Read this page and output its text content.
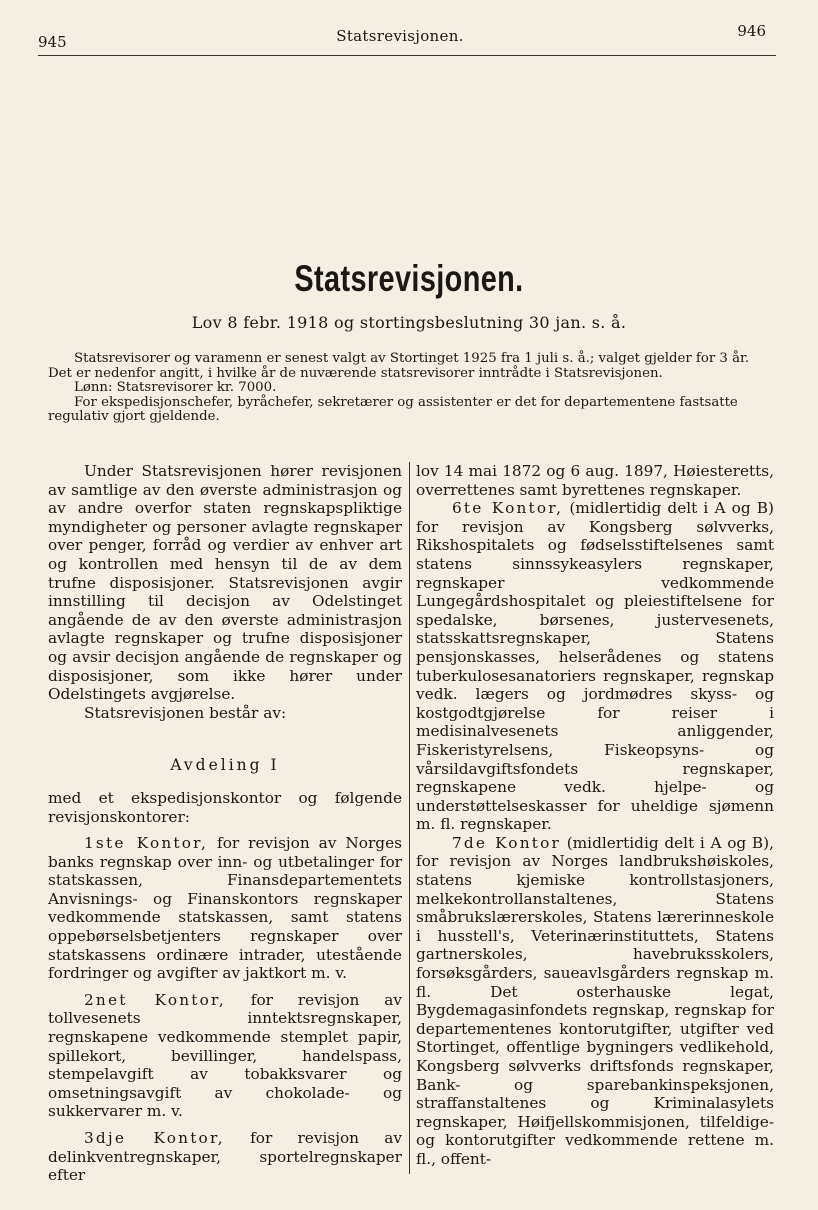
945	Statsrevisjonen.	946
Statsrevisjonen.
Lov 8 febr. 1918 og stortingsbeslutning 30 jan. s. å.

Statsrevisorer og varamenn er senest valgt av Stortinget 1925 fra 1 juli s. å.; valget gjelder for 3 år. Det er nedenfor angitt, i hvilke år de nuværende statsrevisorer inntrådte i Statsrevisjonen.

Lønn: Statsrevisorer kr. 7000.

For ekspedisjonschefer, byråchefer, sekretærer og assistenter er det for departementene fastsatte regulativ gjort gjeldende.

Under Statsrevisjonen hører revisjonen av samtlige av den øverste administrasjon og av andre overfor staten regnskapspliktige myndigheter og personer avlagte regnskaper over penger, forråd og verdier av enhver art og kontrollen med hensyn til de av dem trufne disposisjoner. Statsrevisjonen avgir innstilling til decisjon av Odelstinget angående de av den øverste administrasjon avlagte regnskaper og trufne disposisjoner og avsir decisjon angående de regnskaper og disposisjoner, som ikke hører under Odelstingets avgjørelse.

Statsrevisjonen består av:

Avdeling I

med et ekspedisjonskontor og følgende revisjonskontorer:

1ste Kontor, for revisjon av Norges banks regnskap over inn- og utbetalinger for statskassen, Finansdepartementets Anvisnings- og Finanskontors regnskaper vedkommende statskassen, samt statens oppebørselsbetjenters regnskaper over statskassens ordinære intrader, utestående fordringer og avgifter av jaktkort m. v.

2net Kontor, for revisjon av tollvesenets inntektsregnskaper, regnskapene vedkommende stemplet papir, spillekort, bevillinger, handelspass, stempelavgift av tobakksvarer og omsetningsavgift av chokolade- og sukkervarer m. v.

3dje Kontor, for revisjon av delinkventregnskaper, sportelregnskaper efter

lov 14 mai 1872 og 6 aug. 1897, Høiesteretts, overrettenes samt byrettenes regnskaper.

6te Kontor, (midlertidig delt i A og B) for revisjon av Kongsberg sølvverks, Rikshospitalets og fødselsstiftelsenes samt statens sinnssykeasylers regnskaper, regnskaper vedkommende Lungegårdshospitalet og pleiestiftelsene for spedalske, børsenes, justervesenets, statsskattsregnskaper, Statens pensjonskasses, helserådenes og statens tuberkulosesanatoriers regnskaper, regnskap vedk. lægers og jordmødres skyss- og kostgodtgjørelse for reiser i medisinalvesenets anliggender, Fiskeristyrelsens, Fiskeopsyns- og vårsildavgiftsfondets regnskaper, regnskapene vedk. hjelpe- og understøttelseskasser for uheldige sjømenn m. fl. regnskaper.

7de Kontor (midlertidig delt i A og B), for revisjon av Norges landbrukshøiskoles, statens kjemiske kontrollstasjoners, melkekontrollanstaltenes, Statens småbrukslærerskoles, Statens lærerinneskole i husstell's, Veterinærinstituttets, Statens gartnerskoles, havebruksskolers, forsøksgårders, saueavlsgårders regnskap m. fl. Det osterhauske legat, Bygdemagasinfondets regnskap, regnskap for departementenes kontorutgifter, utgifter ved Stortinget, offentlige bygningers vedlikehold, Kongsberg sølvverks driftsfonds regnskaper, Bank- og sparebankinspeksjonen, straffanstaltenes og Kriminalasylets regnskaper, Høifjellskommisjonen, tilfeldige- og kontorutgifter vedkommende rettene m. fl., offent-
